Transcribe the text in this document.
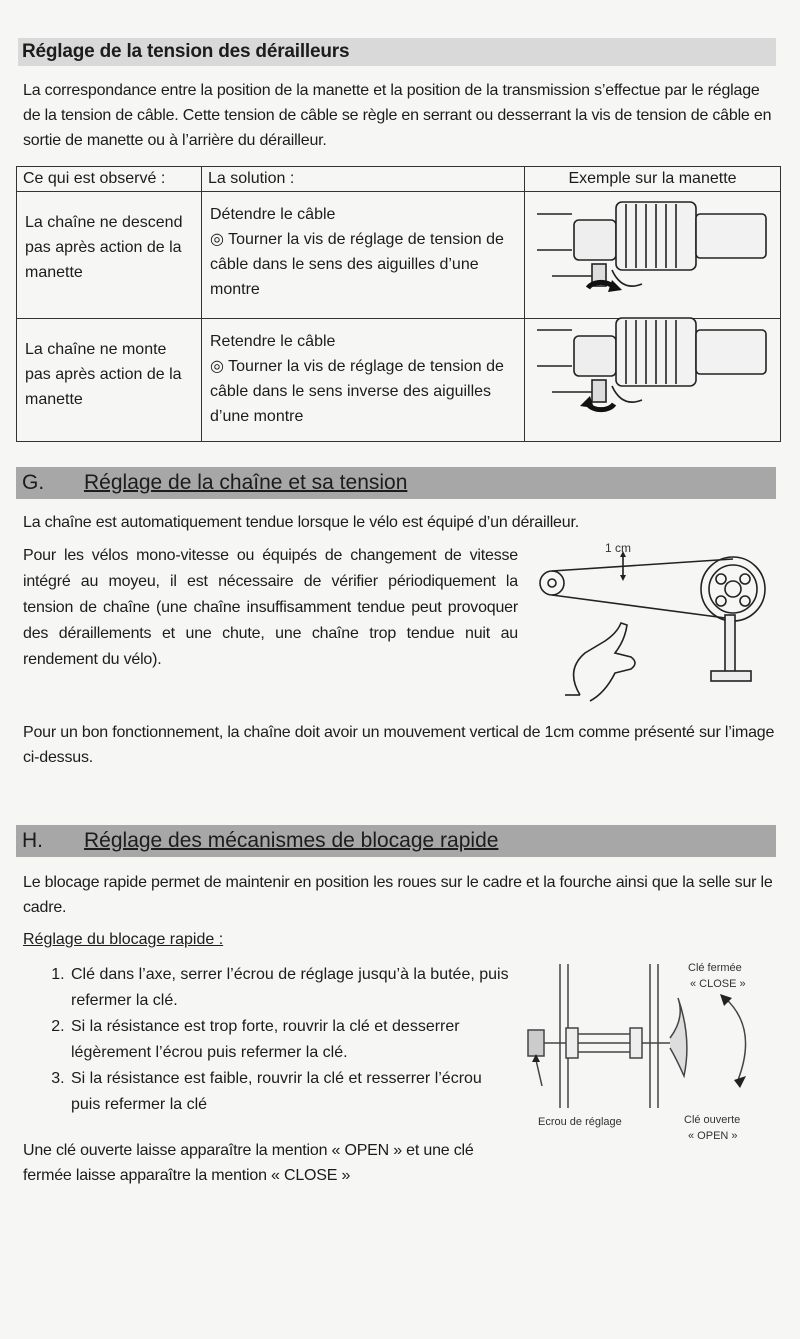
Réglage de la tension des dérailleurs
La correspondance entre la position de la manette et la position de la transmission s’effectue par le réglage de la tension de câble. Cette tension de câble se règle en serrant ou desserrant la vis de tension de câble en sortie de manette ou à l’arrière du dérailleur.
Ce qui est observé :	La solution :	Exemple sur la manette
La chaîne ne descend pas après action de la manette	Détendre le câble
◎ Tourner la vis de réglage de tension de câble dans le sens des aiguilles d’une montre	

La chaîne ne monte pas après action de la manette	Retendre le câble
◎ Tourner la vis de réglage de tension de câble dans le sens inverse des aiguilles d’une montre	

G. Réglage de la chaîne et sa tension
La chaîne est automatiquement tendue lorsque le vélo est équipé d’un dérailleur.
Pour les vélos mono-vitesse ou équipés de changement de vitesse intégré au moyeu, il est nécessaire de vérifier périodiquement la tension de chaîne (une chaîne insuffisamment tendue peut provoquer des déraillements et une chute, une chaîne trop tendue nuit au rendement du vélo).
1 cm
Pour un bon fonctionnement, la chaîne doit avoir un mouvement vertical de 1cm comme présenté sur l’image ci-dessus.
H. Réglage des mécanismes de blocage rapide
Le blocage rapide permet de maintenir en position les roues sur le cadre et la fourche ainsi que la selle sur le cadre.
Réglage du blocage rapide :
1. Clé dans l’axe, serrer l’écrou de réglage jusqu’à la butée, puis refermer la clé.
2. Si la résistance est trop forte, rouvrir la clé et desserrer légèrement l’écrou puis refermer la clé.
3. Si la résistance est faible, rouvrir la clé et resserrer l’écrou puis refermer la clé
Une clé ouverte laisse apparaître la mention « OPEN » et une clé fermée laisse apparaître la mention « CLOSE »
Clé fermée
« CLOSE »
Ecrou de réglage	Clé ouverte
« OPEN »
